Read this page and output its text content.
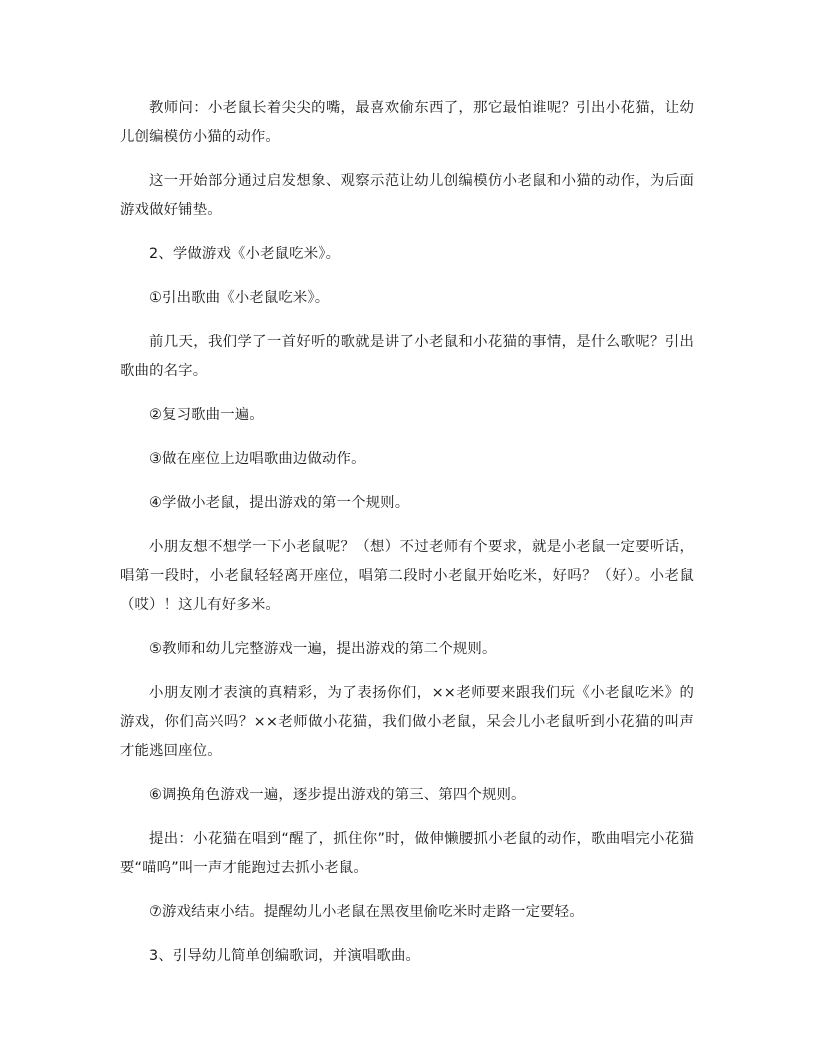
教师问：小老鼠长着尖尖的嘴，最喜欢偷东西了，那它最怕谁呢？引出小花猫，让幼儿创编模仿小猫的动作。

这一开始部分通过启发想象、观察示范让幼儿创编模仿小老鼠和小猫的动作，为后面游戏做好铺垫。

2、学做游戏《小老鼠吃米》。

①引出歌曲《小老鼠吃米》。

前几天，我们学了一首好听的歌就是讲了小老鼠和小花猫的事情，是什么歌呢？引出歌曲的名字。

②复习歌曲一遍。

③做在座位上边唱歌曲边做动作。

④学做小老鼠，提出游戏的第一个规则。

小朋友想不想学一下小老鼠呢？（想）不过老师有个要求，就是小老鼠一定要听话，唱第一段时，小老鼠轻轻离开座位，唱第二段时小老鼠开始吃米，好吗？（好）。小老鼠（哎）！这儿有好多米。

⑤教师和幼儿完整游戏一遍，提出游戏的第二个规则。

小朋友刚才表演的真精彩，为了表扬你们，××老师要来跟我们玩《小老鼠吃米》的游戏，你们高兴吗？××老师做小花猫，我们做小老鼠，呆会儿小老鼠听到小花猫的叫声才能逃回座位。

⑥调换角色游戏一遍，逐步提出游戏的第三、第四个规则。

提出：小花猫在唱到“醒了，抓住你”时，做伸懒腰抓小老鼠的动作，歌曲唱完小花猫要“喵呜”叫一声才能跑过去抓小老鼠。

⑦游戏结束小结。提醒幼儿小老鼠在黑夜里偷吃米时走路一定要轻。

3、引导幼儿简单创编歌词，并演唱歌曲。
